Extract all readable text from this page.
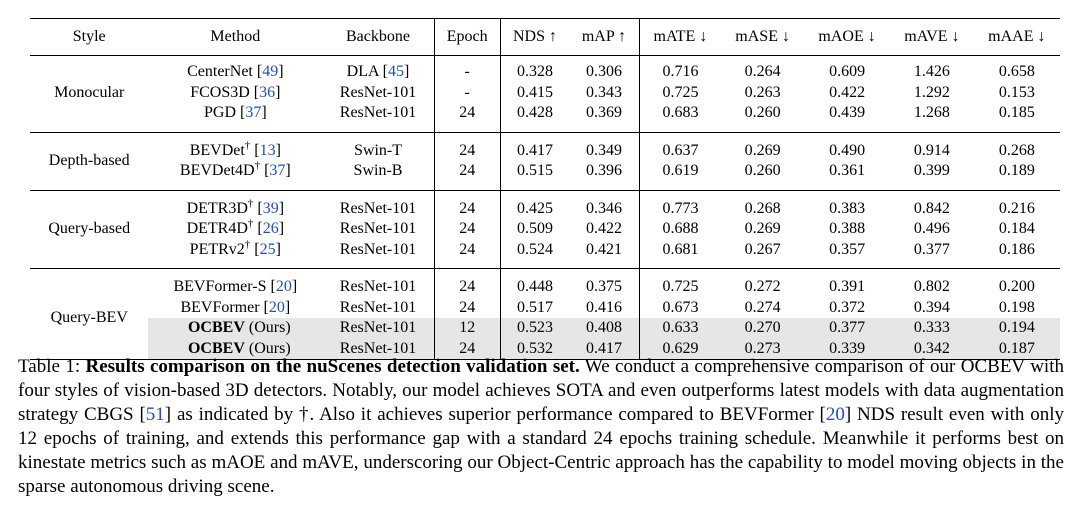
Style	Method	Backbone	Epoch	NDS ↑	mAP ↑	mATE ↓	mASE ↓	mAOE ↓	mAVE ↓	mAAE ↓

Monocular	CenterNet [49]	DLA [45]	-	0.328	0.306	0.716	0.264	0.609	1.426	0.658
	FCOS3D [36]	ResNet-101	-	0.415	0.343	0.725	0.263	0.422	1.292	0.153
	PGD [37]	ResNet-101	24	0.428	0.369	0.683	0.260	0.439	1.268	0.185

Depth-based	BEVDet† [13]	Swin-T	24	0.417	0.349	0.637	0.269	0.490	0.914	0.268
	BEVDet4D† [37]	Swin-B	24	0.515	0.396	0.619	0.260	0.361	0.399	0.189

Query-based	DETR3D† [39]	ResNet-101	24	0.425	0.346	0.773	0.268	0.383	0.842	0.216
	DETR4D† [26]	ResNet-101	24	0.509	0.422	0.688	0.269	0.388	0.496	0.184
	PETRv2† [25]	ResNet-101	24	0.524	0.421	0.681	0.267	0.357	0.377	0.186

Query-BEV	BEVFormer-S [20]	ResNet-101	24	0.448	0.375	0.725	0.272	0.391	0.802	0.200
	BEVFormer [20]	ResNet-101	24	0.517	0.416	0.673	0.274	0.372	0.394	0.198
	OCBEV (Ours)	ResNet-101	12	0.523	0.408	0.633	0.270	0.377	0.333	0.194
	OCBEV (Ours)	ResNet-101	24	0.532	0.417	0.629	0.273	0.339	0.342	0.187
Table 1: Results comparison on the nuScenes detection validation set. We conduct a comprehensive comparison of our OCBEV with four styles of vision-based 3D detectors. Notably, our model achieves SOTA and even outperforms latest models with data augmentation strategy CBGS [51] as indicated by †. Also it achieves superior performance compared to BEVFormer [20] NDS result even with only 12 epochs of training, and extends this performance gap with a standard 24 epochs training schedule. Meanwhile it performs best on kinestate metrics such as mAOE and mAVE, underscoring our Object-Centric approach has the capability to model moving objects in the sparse autonomous driving scene.
